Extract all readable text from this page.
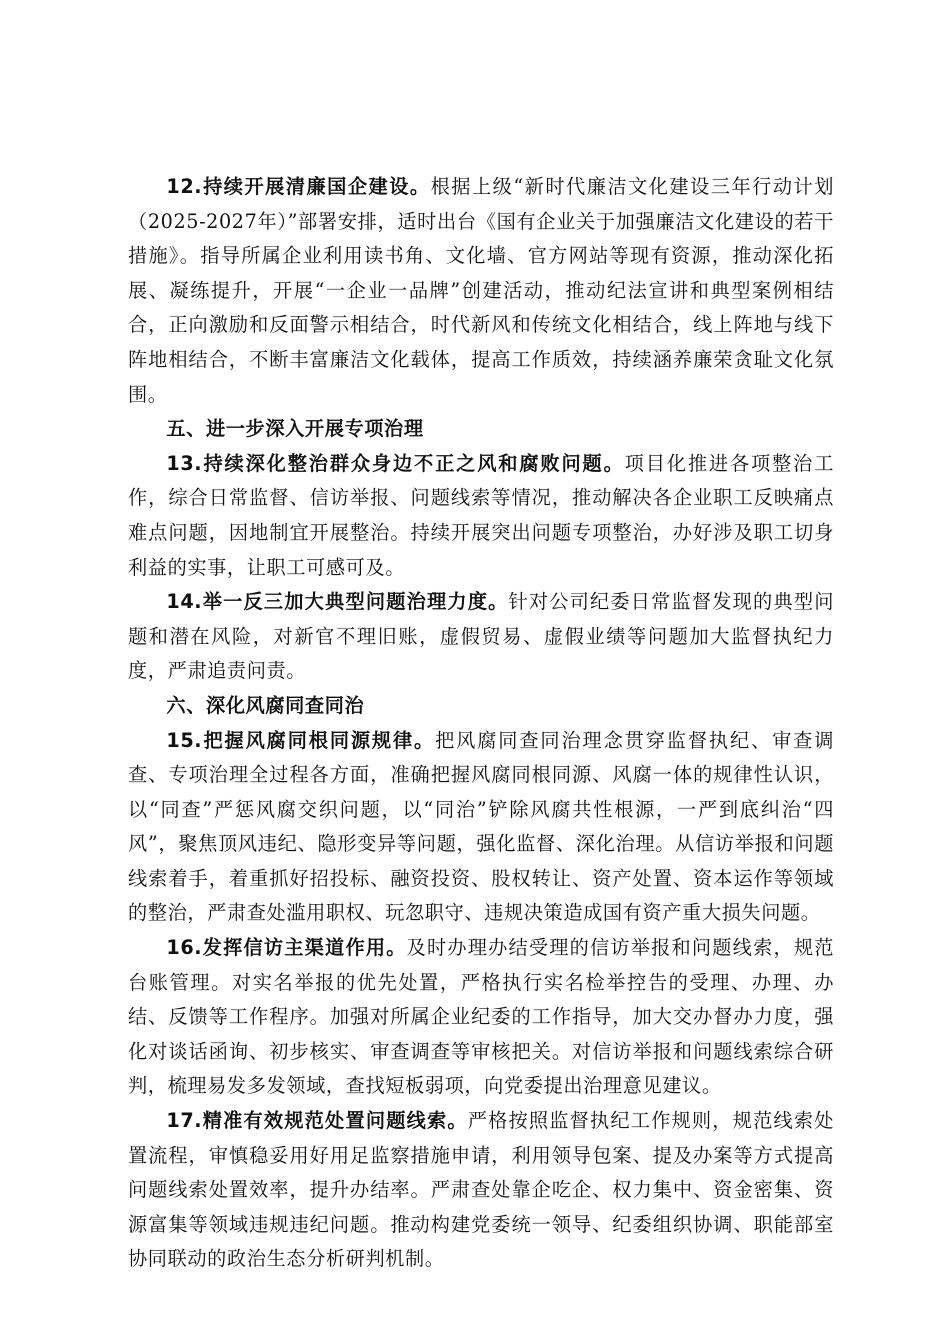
12.持续开展清廉国企建设。根据上级“新时代廉洁文化建设三年行动计划（2025-2027年）”部署安排，适时出台《国有企业关于加强廉洁文化建设的若干措施》。指导所属企业利用读书角、文化墙、官方网站等现有资源，推动深化拓展、凝练提升，开展“一企业一品牌”创建活动，推动纪法宣讲和典型案例相结合，正向激励和反面警示相结合，时代新风和传统文化相结合，线上阵地与线下阵地相结合，不断丰富廉洁文化载体，提高工作质效，持续涵养廉荣贪耻文化氛围。

五、进一步深入开展专项治理

13.持续深化整治群众身边不正之风和腐败问题。项目化推进各项整治工作，综合日常监督、信访举报、问题线索等情况，推动解决各企业职工反映痛点难点问题，因地制宜开展整治。持续开展突出问题专项整治，办好涉及职工切身利益的实事，让职工可感可及。

14.举一反三加大典型问题治理力度。针对公司纪委日常监督发现的典型问题和潜在风险，对新官不理旧账，虚假贸易、虚假业绩等问题加大监督执纪力度，严肃追责问责。

六、深化风腐同查同治

15.把握风腐同根同源规律。把风腐同查同治理念贯穿监督执纪、审查调查、专项治理全过程各方面，准确把握风腐同根同源、风腐一体的规律性认识，以“同查”严惩风腐交织问题，以“同治”铲除风腐共性根源，一严到底纠治“四风”，聚焦顶风违纪、隐形变异等问题，强化监督、深化治理。从信访举报和问题线索着手，着重抓好招投标、融资投资、股权转让、资产处置、资本运作等领域的整治，严肃查处滥用职权、玩忽职守、违规决策造成国有资产重大损失问题。

16.发挥信访主渠道作用。及时办理办结受理的信访举报和问题线索，规范台账管理。对实名举报的优先处置，严格执行实名检举控告的受理、办理、办结、反馈等工作程序。加强对所属企业纪委的工作指导，加大交办督办力度，强化对谈话函询、初步核实、审查调查等审核把关。对信访举报和问题线索综合研判，梳理易发多发领域，查找短板弱项，向党委提出治理意见建议。

17.精准有效规范处置问题线索。严格按照监督执纪工作规则，规范线索处置流程，审慎稳妥用好用足监察措施申请，利用领导包案、提及办案等方式提高问题线索处置效率，提升办结率。严肃查处靠企吃企、权力集中、资金密集、资源富集等领域违规违纪问题。推动构建党委统一领导、纪委组织协调、职能部室协同联动的政治生态分析研判机制。
